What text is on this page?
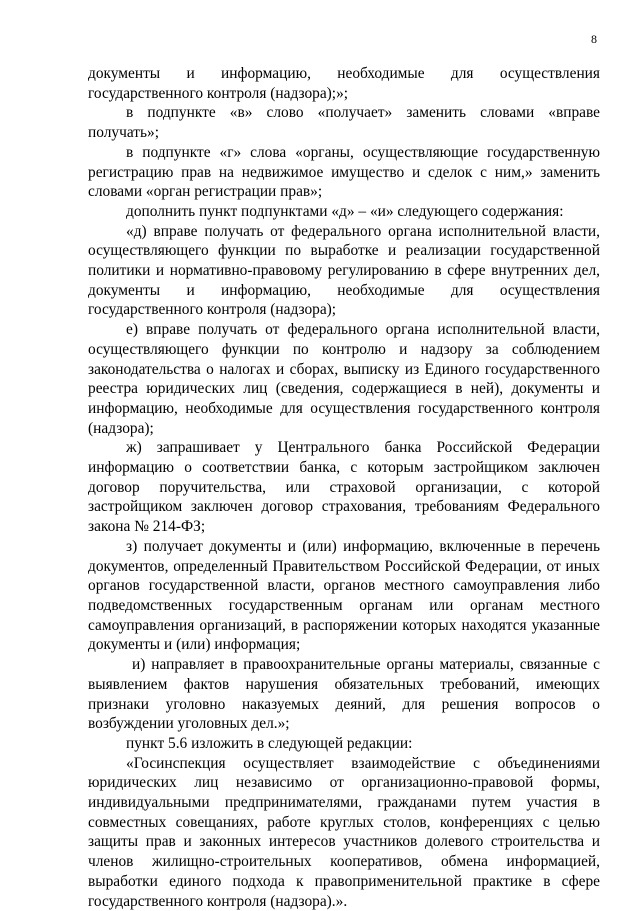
8

документы и информацию, необходимые для осуществления государственного контроля (надзора);»;

в подпункте «в» слово «получает» заменить словами «вправе получать»;

в подпункте «г» слова «органы, осуществляющие государственную регистрацию прав на недвижимое имущество и сделок с ним,» заменить словами «орган регистрации прав»;

дополнить пункт подпунктами «д» – «и» следующего содержания:

«д) вправе получать от федерального органа исполнительной власти, осуществляющего функции по выработке и реализации государственной политики и нормативно-правовому регулированию в сфере внутренних дел, документы и информацию, необходимые для осуществления государственного контроля (надзора);

е) вправе получать от федерального органа исполнительной власти, осуществляющего функции по контролю и надзору за соблюдением законодательства о налогах и сборах, выписку из Единого государственного реестра юридических лиц (сведения, содержащиеся в ней), документы и информацию, необходимые для осуществления государственного контроля (надзора);

ж) запрашивает у Центрального банка Российской Федерации информацию о соответствии банка, с которым застройщиком заключен договор поручительства, или страховой организации, с которой застройщиком заключен договор страхования, требованиям Федерального закона № 214-ФЗ;

з) получает документы и (или) информацию, включенные в перечень документов, определенный Правительством Российской Федерации, от иных органов государственной власти, органов местного самоуправления либо подведомственных государственным органам или органам местного самоуправления организаций, в распоряжении которых находятся указанные документы и (или) информация;

и) направляет в правоохранительные органы материалы, связанные с выявлением фактов нарушения обязательных требований, имеющих признаки уголовно наказуемых деяний, для решения вопросов о возбуждении уголовных дел.»;

пункт 5.6 изложить в следующей редакции:

«Госинспекция осуществляет взаимодействие с объединениями юридических лиц независимо от организационно-правовой формы, индивидуальными предпринимателями, гражданами путем участия в совместных совещаниях, работе круглых столов, конференциях с целью защиты прав и законных интересов участников долевого строительства и членов жилищно-строительных кооперативов, обмена информацией, выработки единого подхода к правоприменительной практике в сфере государственного контроля (надзора).».
